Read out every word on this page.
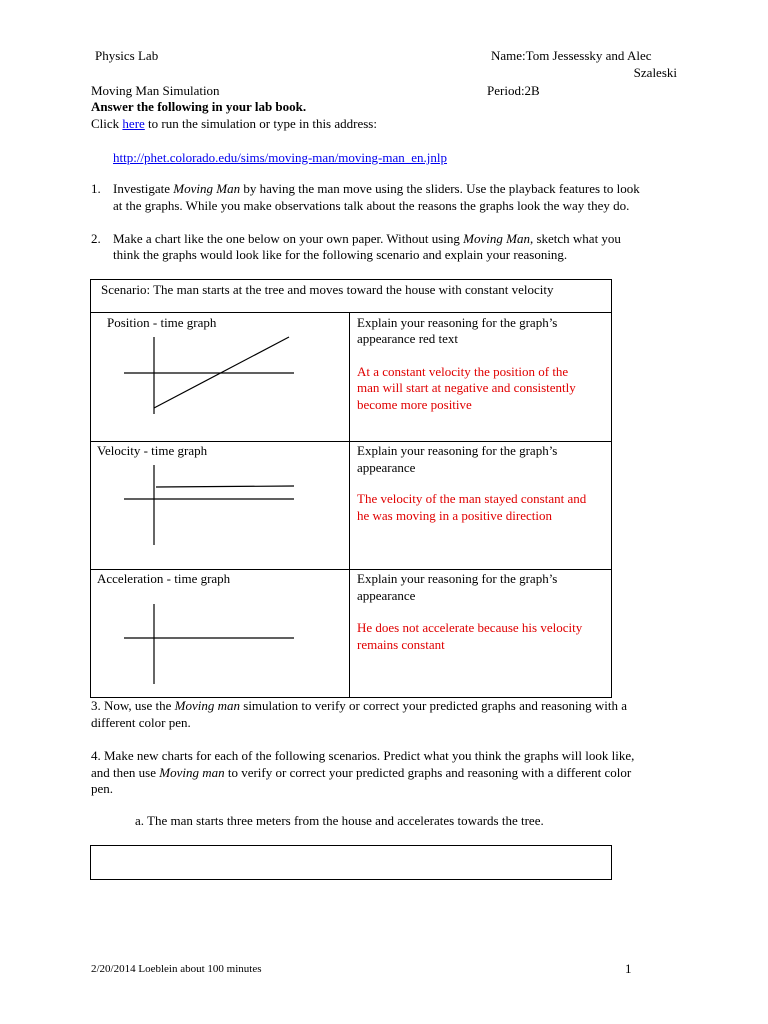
Physics Lab	Name:Tom Jessessky and Alec
Szaleski
Moving Man Simulation	Period:2B
Answer the following in your lab book.
Click here to run the simulation or type in this address:
http://phet.colorado.edu/sims/moving-man/moving-man_en.jnlp
1. Investigate Moving Man by having the man move using the sliders. Use the playback features to look
at the graphs. While you make observations talk about the reasons the graphs look the way they do.
2. Make a chart like the one below on your own paper. Without using Moving Man, sketch what you
think the graphs would look like for the following scenario and explain your reasoning.
Scenario: The man starts at the tree and moves toward the house with constant velocity
Position - time graph	Explain your reasoning for the graph’s
appearance red text
At a constant velocity the position of the
man will start at negative and consistently
become more positive
Velocity - time graph	Explain your reasoning for the graph’s
appearance
The velocity of the man stayed constant and
he was moving in a positive direction
Acceleration - time graph	Explain your reasoning for the graph’s
appearance
He does not accelerate because his velocity
remains constant
3. Now, use the Moving man simulation to verify or correct your predicted graphs and reasoning with a
different color pen.
4. Make new charts for each of the following scenarios. Predict what you think the graphs will look like,
and then use Moving man to verify or correct your predicted graphs and reasoning with a different color
pen.
a. The man starts three meters from the house and accelerates towards the tree.
2/20/2014 Loeblein about 100 minutes	1
